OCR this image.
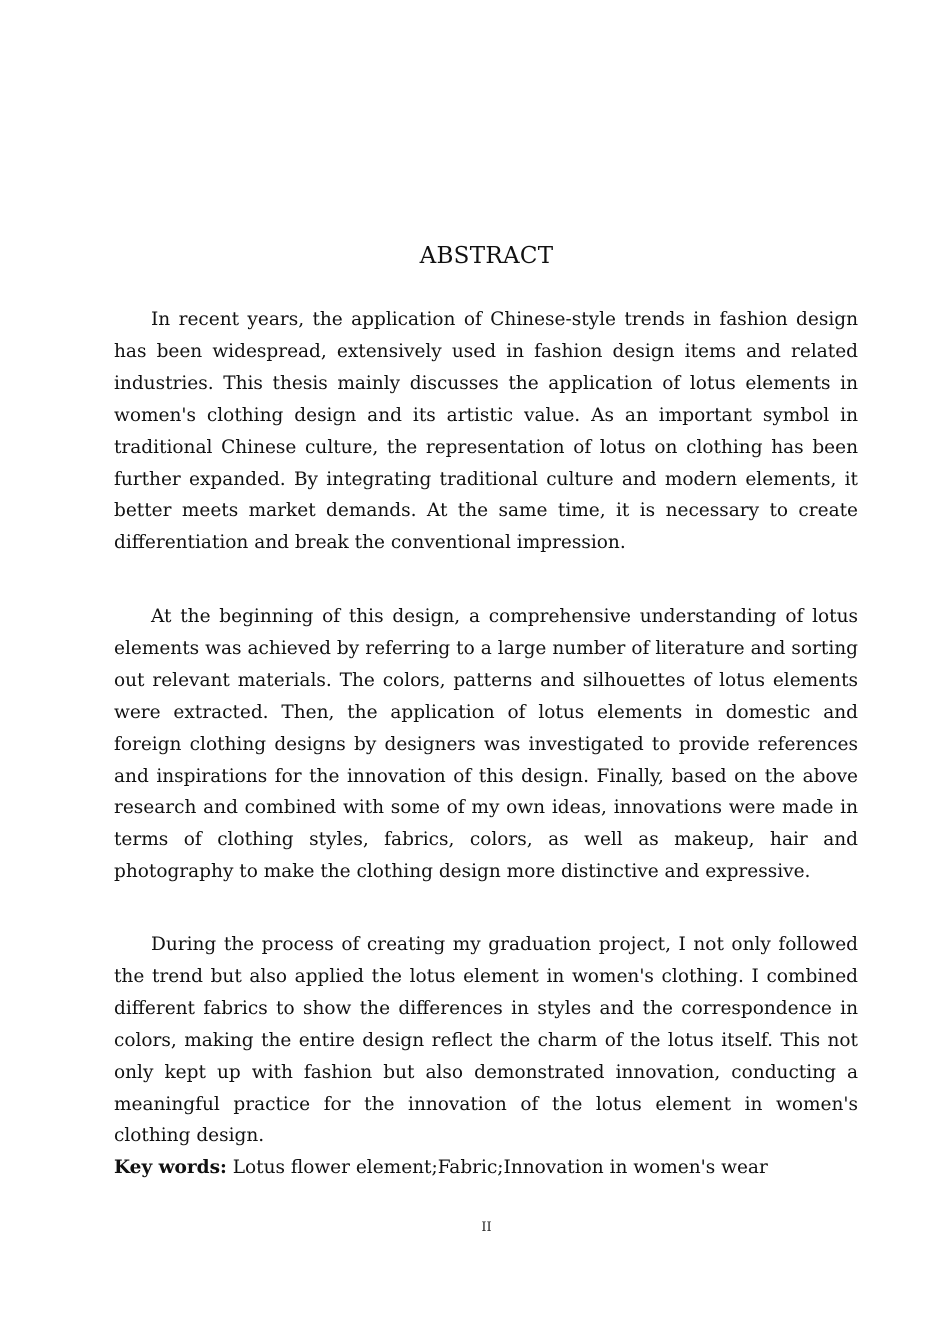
ABSTRACT

In recent years, the application of Chinese-style trends in fashion design has been widespread, extensively used in fashion design items and related industries. This thesis mainly discusses the application of lotus elements in women's clothing design and its artistic value. As an important symbol in traditional Chinese culture, the representation of lotus on clothing has been further expanded. By integrating traditional culture and modern elements, it better meets market demands. At the same time, it is necessary to create differentiation and break the conventional impression.

At the beginning of this design, a comprehensive understanding of lotus elements was achieved by referring to a large number of literature and sorting out relevant materials. The colors, patterns and silhouettes of lotus elements were extracted. Then, the application of lotus elements in domestic and foreign clothing designs by designers was investigated to provide references and inspirations for the innovation of this design. Finally, based on the above research and combined with some of my own ideas, innovations were made in terms of clothing styles, fabrics, colors, as well as makeup, hair and photography to make the clothing design more distinctive and expressive.

During the process of creating my graduation project, I not only followed the trend but also applied the lotus element in women's clothing. I combined different fabrics to show the differences in styles and the correspondence in colors, making the entire design reflect the charm of the lotus itself. This not only kept up with fashion but also demonstrated innovation, conducting a meaningful practice for the innovation of the lotus element in women's clothing design.

Key words: Lotus flower element;Fabric;Innovation in women's wear

II
